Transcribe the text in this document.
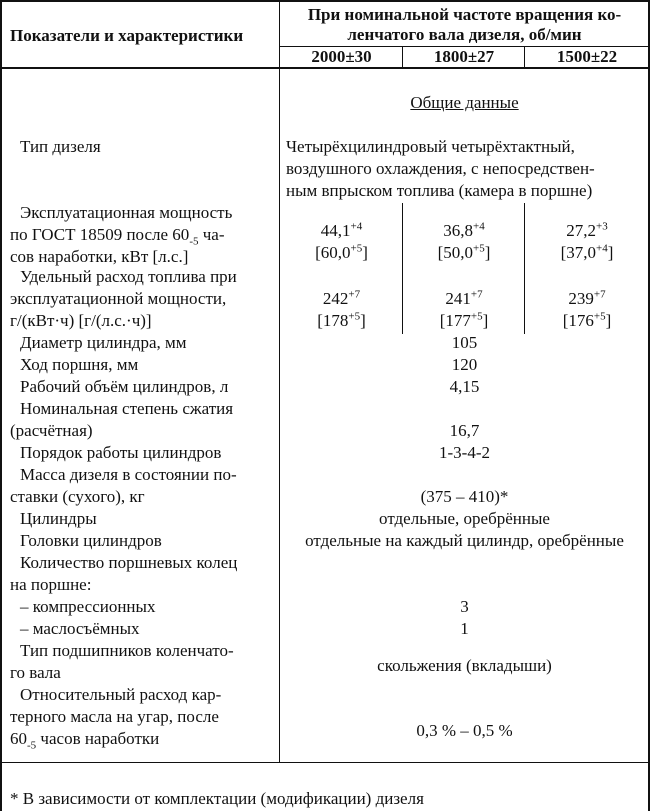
Показатели и характеристики
При номинальной частоте вращения ко-
ленчатого вала дизеля, об/мин
2000±30	1800±27	1500±22
Общие данные
Тип дизеля	Четырёхцилиндровый четырёхтактный,
воздушного охлаждения, с непосредствен-
ным впрыском топлива (камера в поршне)
Эксплуатационная мощность
по ГОСТ 18509 после $60_{-5}$ ча-
сов наработки, кВт [л.с.]
$44,1^{+4}$	$36,8^{+4}$	$27,2^{+3}$
$[60,0^{+5}]$	$[50,0^{+5}]$	$[37,0^{+4}]$
Удельный расход топлива при
эксплуатационной мощности,
г/(кВт·ч) [г/(л.с.·ч)]
$242^{+7}$	$241^{+7}$	$239^{+7}$
$[178^{+5}]$	$[177^{+5}]$	$[176^{+5}]$
Диаметр цилиндра, мм	105
Ход поршня, мм	120
Рабочий объём цилиндров, л	4,15
Номинальная степень сжатия
(расчётная)	16,7
Порядок работы цилиндров	1-3-4-2
Масса дизеля в состоянии по-
ставки (сухого), кг	(375 – 410)*
Цилиндры	отдельные, оребрённые
Головки цилиндров	отдельные на каждый цилиндр, оребрённые
Количество поршневых колец
на поршне:
– компрессионных	3
– маслосъёмных	1
Тип подшипников коленчато-
го вала	скольжения (вкладыши)
Относительный расход кар-
терного масла на угар, после
$60_{-5}$ часов наработки	0,3 % – 0,5 %
* В зависимости от комплектации (модификации) дизеля
